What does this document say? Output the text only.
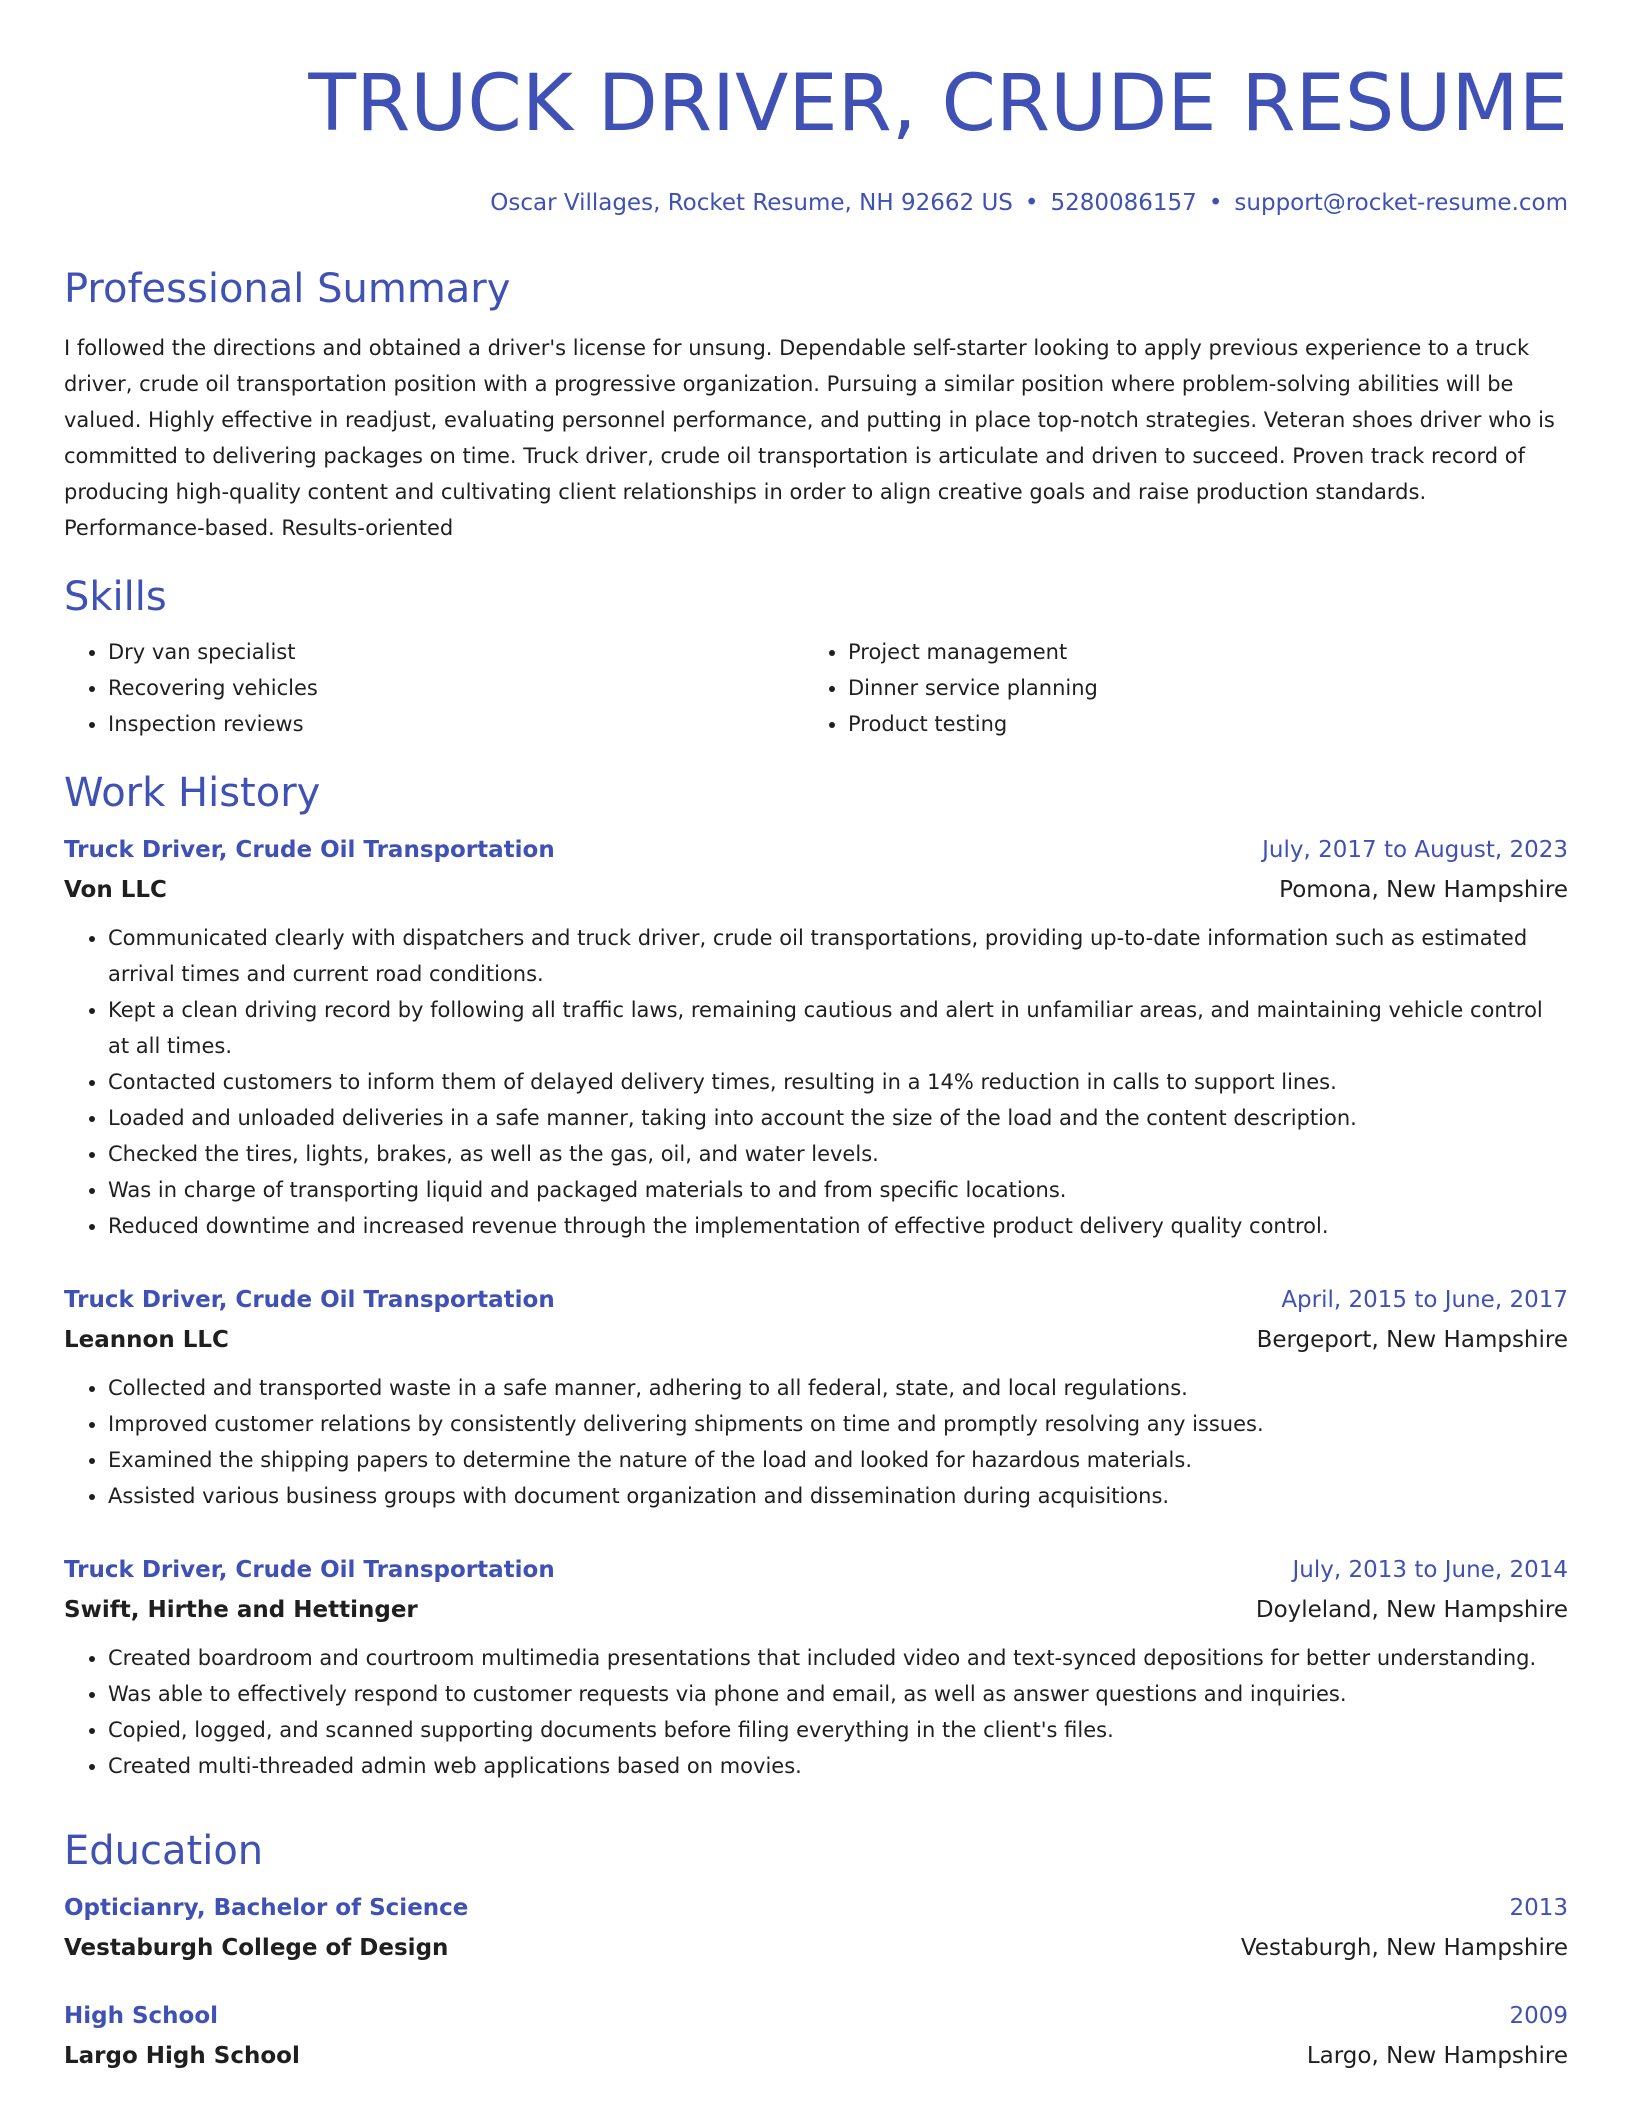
TRUCK DRIVER, CRUDE RESUME
Oscar Villages, Rocket Resume, NH 92662 US • 5280086157 • support@rocket-resume.com
Professional Summary
I followed the directions and obtained a driver's license for unsung. Dependable self-starter looking to apply previous experience to a truck driver, crude oil transportation position with a progressive organization. Pursuing a similar position where problem-solving abilities will be valued. Highly effective in readjust, evaluating personnel performance, and putting in place top-notch strategies. Veteran shoes driver who is committed to delivering packages on time. Truck driver, crude oil transportation is articulate and driven to succeed. Proven track record of producing high-quality content and cultivating client relationships in order to align creative goals and raise production standards. Performance-based. Results-oriented
Skills
• Dry van specialist
• Recovering vehicles
• Inspection reviews
• Project management
• Dinner service planning
• Product testing
Work History
Truck Driver, Crude Oil Transportation	July, 2017 to August, 2023
Von LLC	Pomona, New Hampshire
• Communicated clearly with dispatchers and truck driver, crude oil transportations, providing up-to-date information such as estimated arrival times and current road conditions.
• Kept a clean driving record by following all traffic laws, remaining cautious and alert in unfamiliar areas, and maintaining vehicle control at all times.
• Contacted customers to inform them of delayed delivery times, resulting in a 14% reduction in calls to support lines.
• Loaded and unloaded deliveries in a safe manner, taking into account the size of the load and the content description.
• Checked the tires, lights, brakes, as well as the gas, oil, and water levels.
• Was in charge of transporting liquid and packaged materials to and from specific locations.
• Reduced downtime and increased revenue through the implementation of effective product delivery quality control.
Truck Driver, Crude Oil Transportation	April, 2015 to June, 2017
Leannon LLC	Bergeport, New Hampshire
• Collected and transported waste in a safe manner, adhering to all federal, state, and local regulations.
• Improved customer relations by consistently delivering shipments on time and promptly resolving any issues.
• Examined the shipping papers to determine the nature of the load and looked for hazardous materials.
• Assisted various business groups with document organization and dissemination during acquisitions.
Truck Driver, Crude Oil Transportation	July, 2013 to June, 2014
Swift, Hirthe and Hettinger	Doyleland, New Hampshire
• Created boardroom and courtroom multimedia presentations that included video and text-synced depositions for better understanding.
• Was able to effectively respond to customer requests via phone and email, as well as answer questions and inquiries.
• Copied, logged, and scanned supporting documents before filing everything in the client's files.
• Created multi-threaded admin web applications based on movies.
Education
Opticianry, Bachelor of Science	2013
Vestaburgh College of Design	Vestaburgh, New Hampshire
High School	2009
Largo High School	Largo, New Hampshire
